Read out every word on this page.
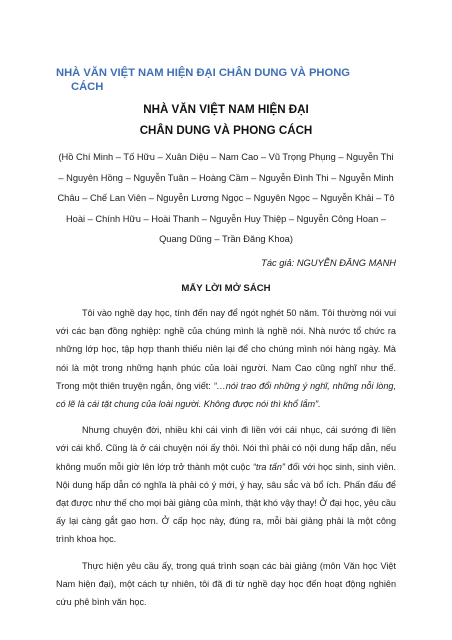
NHÀ VĂN VIỆT NAM HIỆN ĐẠI CHÂN DUNG VÀ PHONG
CÁCH
NHÀ VĂN VIỆT NAM HIỆN ĐẠI
CHÂN DUNG VÀ PHONG CÁCH

(Hồ Chí Minh – Tố Hữu – Xuân Diệu – Nam Cao – Vũ Trọng Phụng – Nguyễn Thi – Nguyên Hồng – Nguyễn Tuân – Hoàng Cầm – Nguyễn Đình Thi – Nguyễn Minh Châu – Chế Lan Viên – Nguyễn Lương Ngọc – Nguyên Ngọc – Nguyễn Khải – Tô Hoài – Chính Hữu – Hoài Thanh – Nguyễn Huy Thiệp – Nguyễn Công Hoan – Quang Dũng – Trần Đăng Khoa)

Tác giả: NGUYỄN ĐĂNG MẠNH

MẤY LỜI MỞ SÁCH

Tôi vào nghề dạy học, tính đến nay để ngót nghét 50 năm. Tôi thường nói vui với các bạn đồng nghiệp: nghề của chúng mình là nghề nói. Nhà nước tổ chức ra những lớp học, tập hợp thanh thiếu niên lại để cho chúng mình nói hàng ngày. Mà nói là một trong những hạnh phúc của loài người. Nam Cao cũng nghĩ như thế. Trong một thiên truyện ngắn, ông viết: “…nói trao đổi những ý nghĩ, những nỗi lòng, có lẽ là cái tặt chung của loài người. Không được nói thì khổ lắm”.

Nhưng chuyện đời, nhiều khi cái vinh đi liền với cái nhục, cái sướng đi liền với cái khổ. Cũng là ở cái chuyện nói ấy thôi. Nói thì phải có nội dung hấp dẫn, nếu không muốn mỗi giờ lên lớp trở thành một cuộc “tra tấn” đối với học sinh, sinh viên. Nội dung hấp dẫn có nghĩa là phải có ý mới, ý hay, sâu sắc và bổ ích. Phấn đấu để đạt được như thế cho mọi bài giảng của mình, thật khó vậy thay! Ở đại học, yêu cầu ấy lại càng gắt gao hơn. Ở cấp học này, đúng ra, mỗi bài giảng phải là một công trình khoa học.

Thực hiện yêu cầu ấy, trong quá trình soạn các bài giảng (môn Văn học Việt Nam hiện đại), một cách tự nhiên, tôi đã đi từ nghề dạy học đến hoạt động nghiên cứu phê bình văn học.
